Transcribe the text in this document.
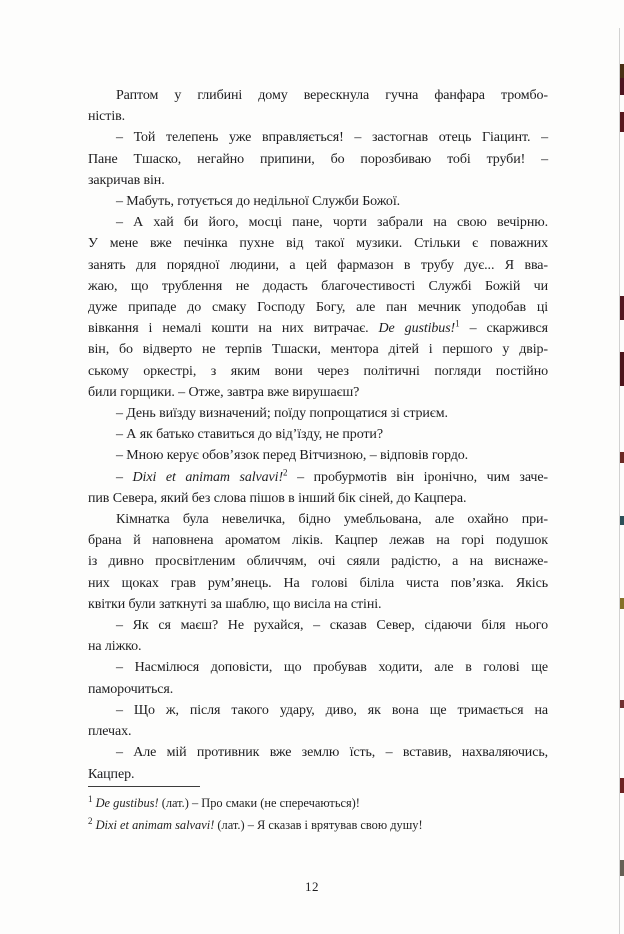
Раптом у глибині дому верескнула гучна фанфара тромбо-
ністів.
– Той телепень уже вправляється! – застогнав отець Гіацинт. –
Пане Тшаско, негайно припини, бо порозбиваю тобі труби! –
закричав він.
– Мабуть, готується до недільної Служби Божої.
– А хай би його, мосці пане, чорти забрали на свою вечірню.
У мене вже печінка пухне від такої музики. Стільки є поважних
занять для порядної людини, а цей фармазон в трубу дує... Я вва-
жаю, що трублення не додасть благочестивості Службі Божій чи
дуже припаде до смаку Господу Богу, але пан мечник уподобав ці
вівкання і немалі кошти на них витрачає. De gustibus!$^1$ – скаржився
він, бо відверто не терпів Тшаски, ментора дітей і першого у двір-
ському оркестрі, з яким вони через політичні погляди постійно
били горщики. – Отже, завтра вже вирушаєш?
– День виїзду визначений; поїду попрощатися зі стриєм.
– А як батько ставиться до від’їзду, не проти?
– Мною керує обов’язок перед Вітчизною, – відповів гордо.
– Dixi et animam salvavi!$^2$ – пробурмотів він іронічно, чим заче-
пив Севера, який без слова пішов в інший бік сіней, до Кацпера.
Кімнатка була невеличка, бідно умебльована, але охайно при-
брана й наповнена ароматом ліків. Кацпер лежав на горі подушок
із дивно просвітленим обличчям, очі сяяли радістю, а на виснаже-
них щоках грав рум’янець. На голові біліла чиста пов’язка. Якісь
квітки були заткнуті за шаблю, що висіла на стіні.
– Як ся маєш? Не рухайся, – сказав Север, сідаючи біля нього
на ліжко.
– Насмілюся доповісти, що пробував ходити, але в голові ще
паморочиться.
– Що ж, після такого удару, диво, як вона ще тримається на
плечах.
– Але мій противник вже землю їсть, – вставив, нахваляючись,
Кацпер.
$^1$ De gustibus! (лат.) – Про смаки (не сперечаються)!
$^2$ Dixi et animam salvavi! (лат.) – Я сказав і врятував свою душу!
12
